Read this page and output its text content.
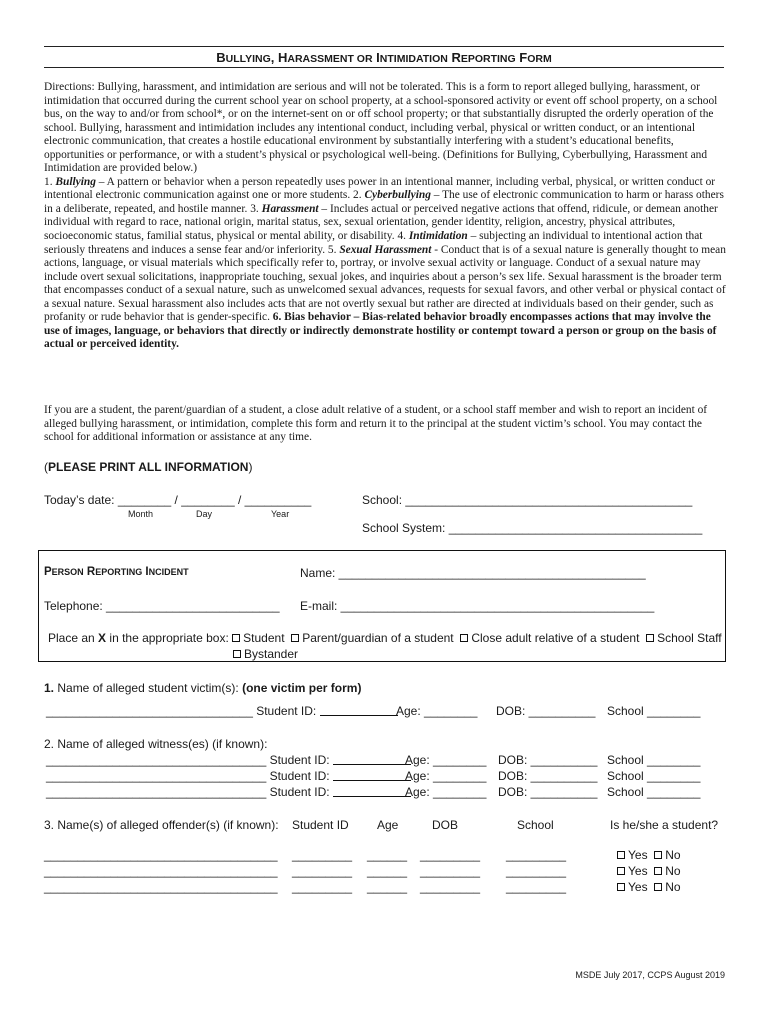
BULLYING, HARASSMENT OR INTIMIDATION REPORTING FORM
Directions: Bullying, harassment, and intimidation are serious and will not be tolerated. This is a form to report alleged bullying, harassment, or intimidation that occurred during the current school year on school property, at a school-sponsored activity or event off school property, on a school bus, on the way to and/or from school*, or on the internet-sent on or off school property; or that substantially disrupted the orderly operation of the school. Bullying, harassment and intimidation includes any intentional conduct, including verbal, physical or written conduct, or an intentional electronic communication, that creates a hostile educational environment by substantially interfering with a student’s educational benefits, opportunities or performance, or with a student’s physical or psychological well-being. (Definitions for Bullying, Cyberbullying, Harassment and Intimidation are provided below.)
1. Bullying – A pattern or behavior when a person repeatedly uses power in an intentional manner, including verbal, physical, or written conduct or intentional electronic communication against one or more students. 2. Cyberbullying – The use of electronic communication to harm or harass others in a deliberate, repeated, and hostile manner. 3. Harassment – Includes actual or perceived negative actions that offend, ridicule, or demean another individual with regard to race, national origin, marital status, sex, sexual orientation, gender identity, religion, ancestry, physical attributes, socioeconomic status, familial status, physical or mental ability, or disability. 4. Intimidation – subjecting an individual to intentional action that seriously threatens and induces a sense fear and/or inferiority. 5. Sexual Harassment - Conduct that is of a sexual nature is generally thought to mean actions, language, or visual materials which specifically refer to, portray, or involve sexual activity or language. Conduct of a sexual nature may include overt sexual solicitations, inappropriate touching, sexual jokes, and inquiries about a person’s sex life. Sexual harassment is the broader term that encompasses conduct of a sexual nature, such as unwelcomed sexual advances, requests for sexual favors, and other verbal or physical contact of a sexual nature. Sexual harassment also includes acts that are not overtly sexual but rather are directed at individuals based on their gender, such as profanity or rude behavior that is gender-specific. 6. Bias behavior – Bias-related behavior broadly encompasses actions that may involve the use of images, language, or behaviors that directly or indirectly demonstrate hostility or contempt toward a person or group on the basis of actual or perceived identity.
If you are a student, the parent/guardian of a student, a close adult relative of a student, or a school staff member and wish to report an incident of alleged bullying harassment, or intimidation, complete this form and return it to the principal at the student victim’s school. You may contact the school for additional information or assistance at any time.
(PLEASE PRINT ALL INFORMATION)
Today’s date: ________ / ________ / __________
Month	Day	Year
School: ___________________________________________
School System: ______________________________________
PERSON REPORTING INCIDENT	Name: ______________________________________________
Telephone: __________________________ E-mail: _______________________________________________
Place an X in the appropriate box: Student Parent/guardian of a student Close adult relative of a student School Staff
Bystander
1. Name of alleged student victim(s): (one victim per form)
_______________________________ Student ID:	Age: ________ DOB: __________ School ________
2. Name of alleged witness(es) (if known):
_________________________________ Student ID:	Age: ________ DOB: __________ School ________
_________________________________ Student ID:	Age: ________ DOB: __________ School ________
_________________________________ Student ID:	Age: ________ DOB: __________ School ________
3. Name(s) of alleged offender(s) (if known): Student ID Age	DOB	School	Is he/she a student?
___________________________________ _________ ______ _________ _________	Yes No
___________________________________ _________ ______ _________ _________	Yes No
___________________________________ _________ ______ _________ _________	Yes No
MSDE July 2017, CCPS August 2019
